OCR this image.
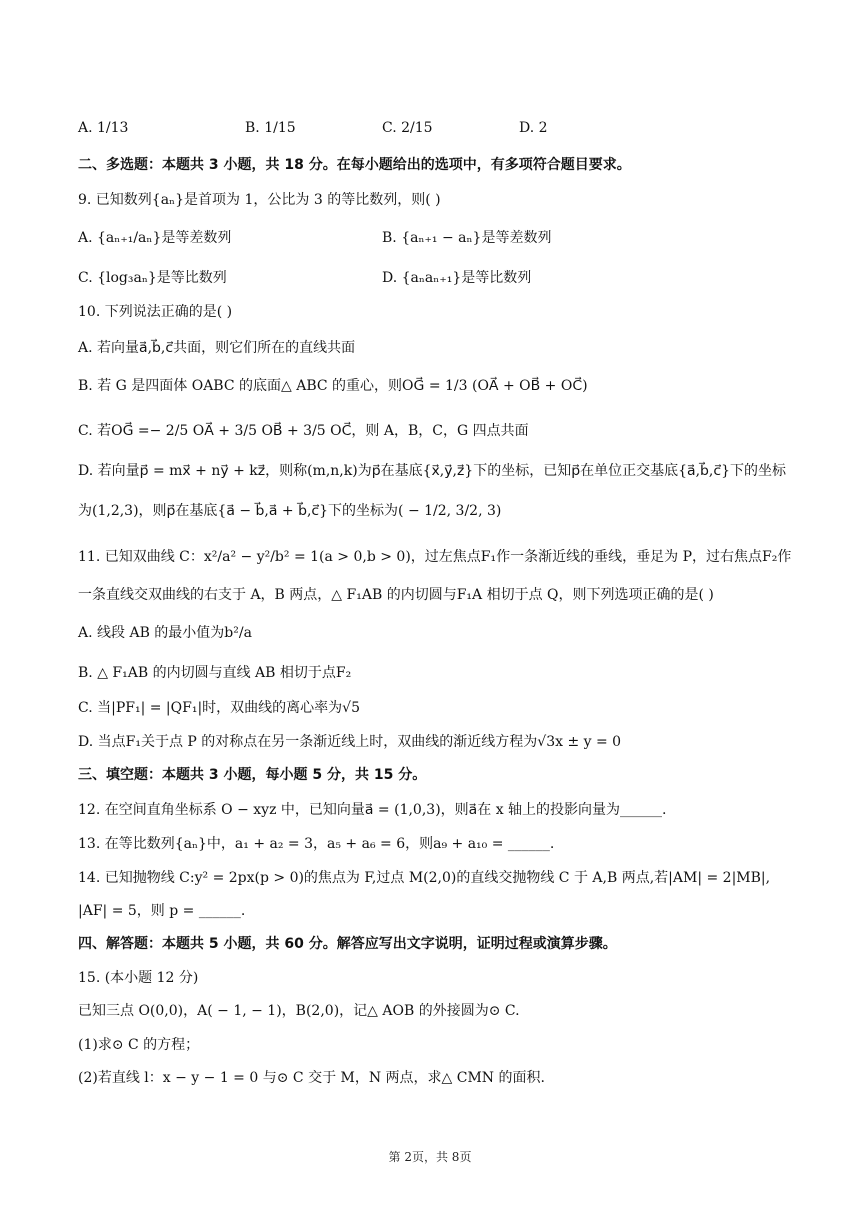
A. 1/13	B. 1/15	C. 2/15	D. 2
二、多选题：本题共 3 小题，共 18 分。在每小题给出的选项中，有多项符合题目要求。
9. 已知数列{aₙ}是首项为 1，公比为 3 的等比数列，则( )
A. {aₙ₊₁/aₙ}是等差数列	B. {aₙ₊₁ − aₙ}是等差数列
C. {log₃aₙ}是等比数列	D. {aₙaₙ₊₁}是等比数列
10. 下列说法正确的是( )
A. 若向量a⃗,b⃗,c⃗共面，则它们所在的直线共面
B. 若 G 是四面体 OABC 的底面△ ABC 的重心，则OG⃗ = 1/3 (OA⃗ + OB⃗ + OC⃗)
C. 若OG⃗ =− 2/5 OA⃗ + 3/5 OB⃗ + 3/5 OC⃗，则 A，B，C，G 四点共面
D. 若向量p⃗ = mx⃗ + ny⃗ + kz⃗，则称(m,n,k)为p⃗在基底{x⃗,y⃗,z⃗}下的坐标，已知p⃗在单位正交基底{a⃗,b⃗,c⃗}下的坐标
为(1,2,3)，则p⃗在基底{a⃗ − b⃗,a⃗ + b⃗,c⃗}下的坐标为( − 1/2, 3/2, 3)
11. 已知双曲线 C：x²/a² − y²/b² = 1(a > 0,b > 0)，过左焦点F₁作一条渐近线的垂线，垂足为 P，过右焦点F₂作
一条直线交双曲线的右支于 A，B 两点，△ F₁AB 的内切圆与F₁A 相切于点 Q，则下列选项正确的是( )
A. 线段 AB 的最小值为b²/a
B. △ F₁AB 的内切圆与直线 AB 相切于点F₂
C. 当|PF₁| = |QF₁|时，双曲线的离心率为√5
D. 当点F₁关于点 P 的对称点在另一条渐近线上时，双曲线的渐近线方程为√3x ± y = 0
三、填空题：本题共 3 小题，每小题 5 分，共 15 分。
12. 在空间直角坐标系 O − xyz 中，已知向量a⃗ = (1,0,3)，则a⃗在 x 轴上的投影向量为______.
13. 在等比数列{aₙ}中，a₁ + a₂ = 3，a₅ + a₆ = 6，则a₉ + a₁₀ = ______.
14. 已知抛物线 C:y² = 2px(p > 0)的焦点为 F,过点 M(2,0)的直线交抛物线 C 于 A,B 两点,若|AM| = 2|MB|,
|AF| = 5，则 p = ______.
四、解答题：本题共 5 小题，共 60 分。解答应写出文字说明，证明过程或演算步骤。
15. (本小题 12 分)
已知三点 O(0,0)，A( − 1, − 1)，B(2,0)，记△ AOB 的外接圆为⊙ C.
(1)求⊙ C 的方程；
(2)若直线 l：x − y − 1 = 0 与⊙ C 交于 M，N 两点，求△ CMN 的面积.
第 2页，共 8页
